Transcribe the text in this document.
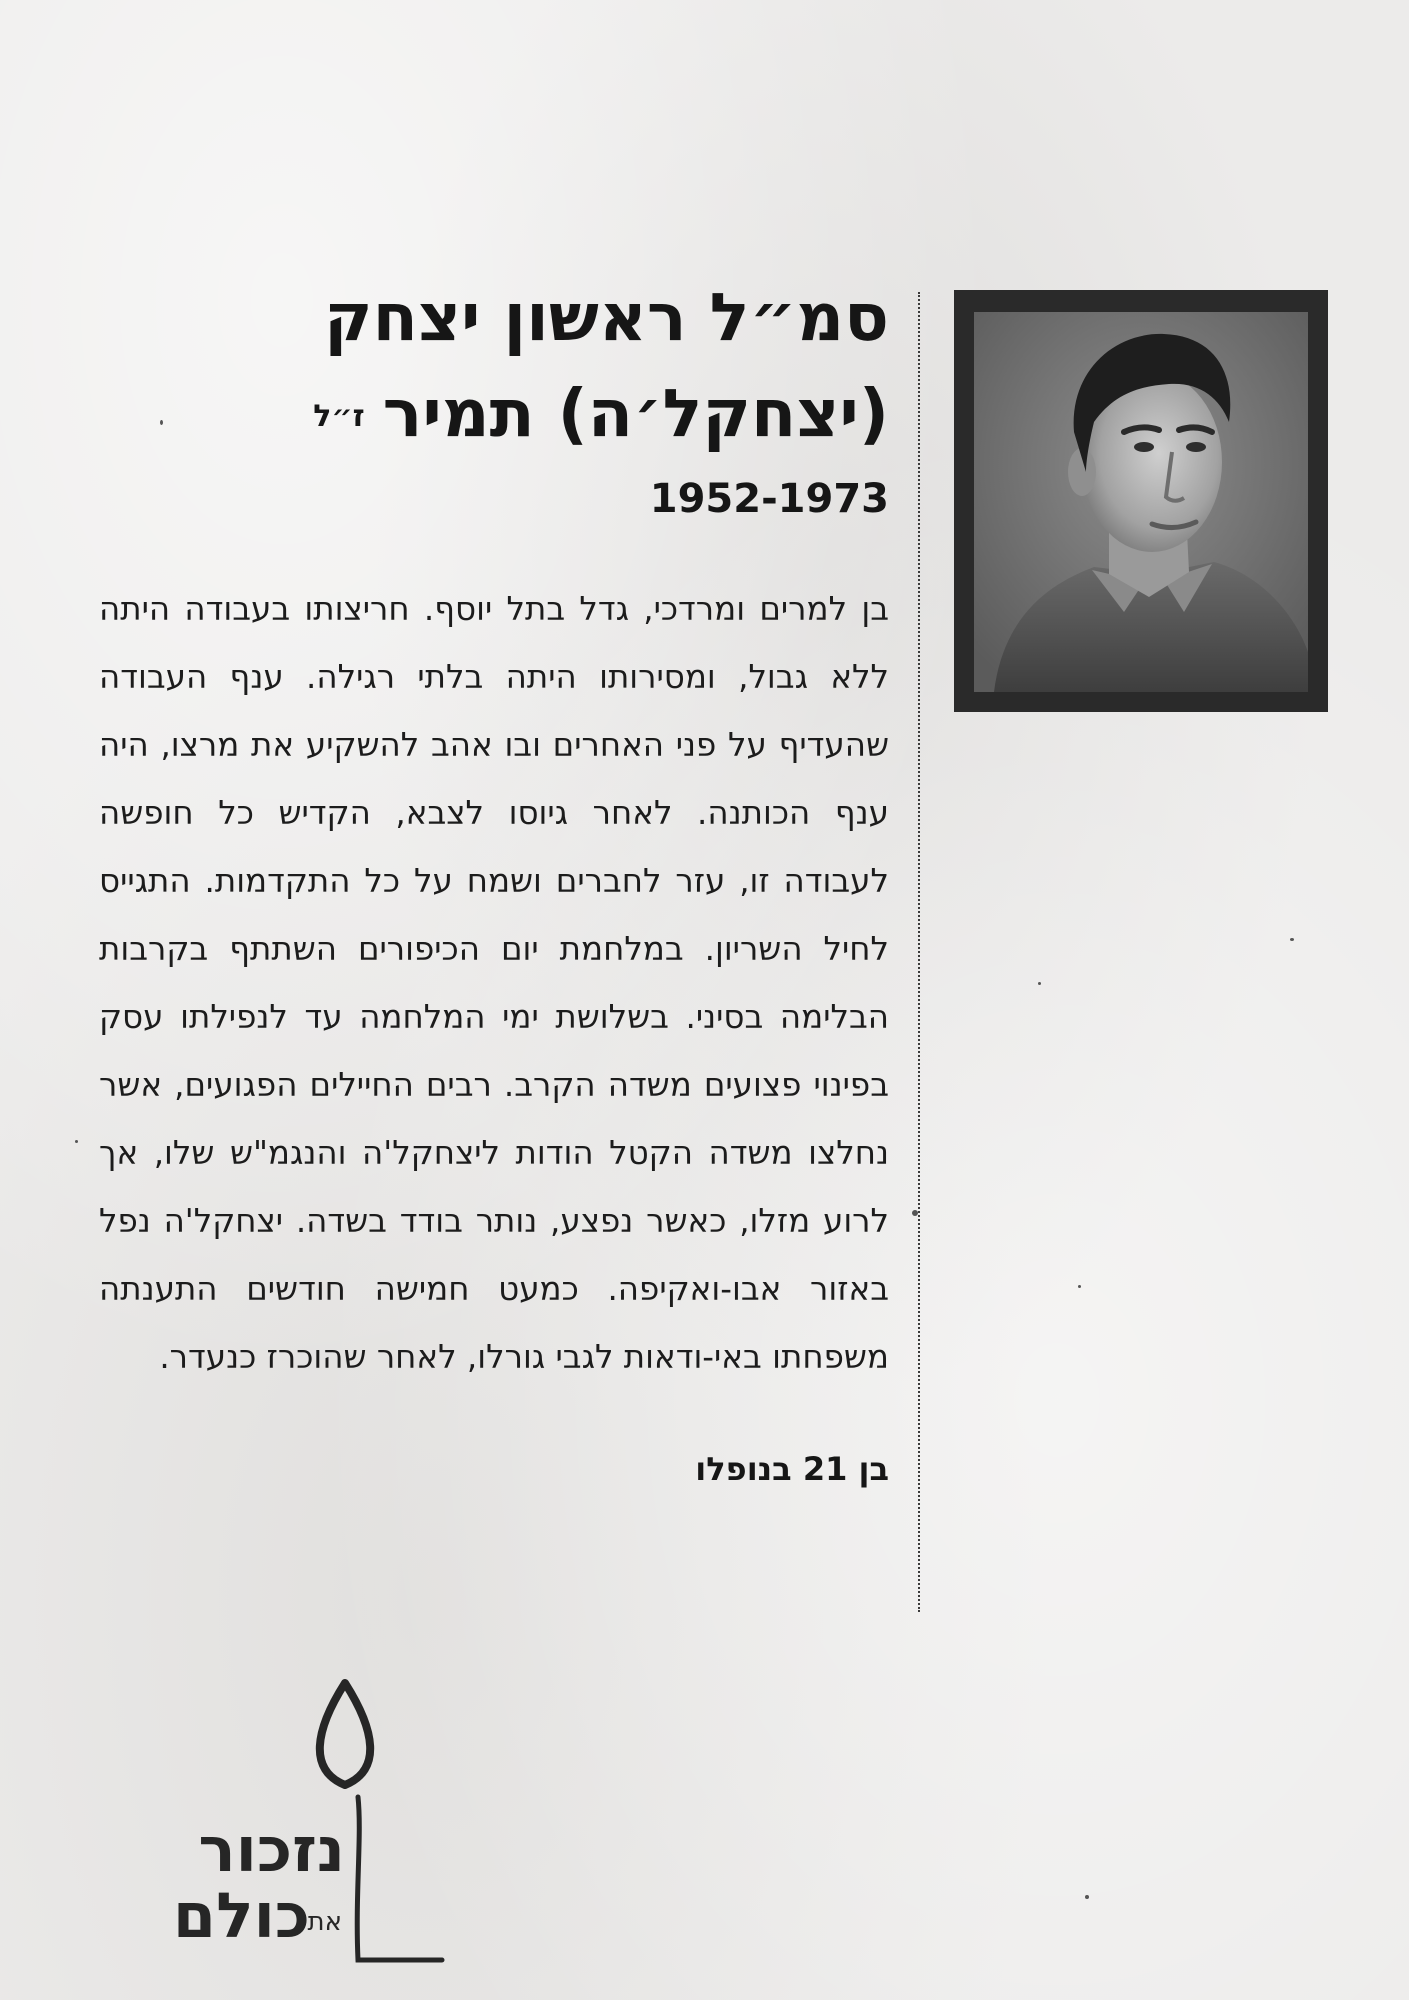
סמ״ל ראשון יצחק
(יצחקל׳ה) תמירז״ל
1952-1973
בן למרים ומרדכי, גדל בתל יוסף. חריצותו בעבודה היתה ללא גבול, ומסירותו היתה בלתי רגילה. ענף העבודה שהעדיף על פני האחרים ובו אהב להשקיע את מרצו, היה ענף הכותנה. לאחר גיוסו לצבא, הקדיש כל חופשה לעבודה זו, עזר לחברים ושמח על כל התקדמות. התגייס לחיל השריון. במלחמת יום הכיפורים השתתף בקרבות הבלימה בסיני. בשלושת ימי המלחמה עד לנפילתו עסק בפינוי פצועים משדה הקרב. רבים החיילים הפגועים, אשר נחלצו משדה הקטל הודות ליצחקל'ה והנגמ"ש שלו, אך לרוע מזלו, כאשר נפצע, נותר בודד בשדה. יצחקל'ה נפל באזור אבו-ואקיפה. כמעט חמישה חודשים התענתה משפחתו באי-ודאות לגבי גורלו, לאחר שהוכרז כנעדר.
בן 21 בנופלו
נזכור
את
כולם
